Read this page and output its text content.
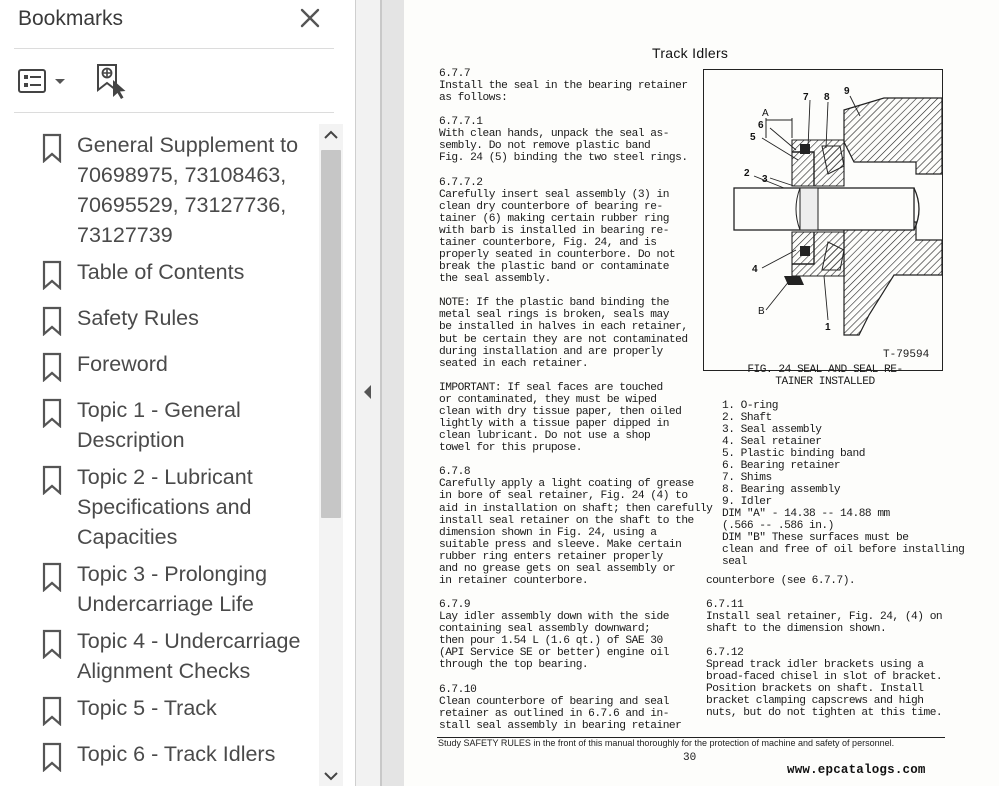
Bookmarks
General Supplement to
70698975, 73108463,
70695529, 73127736,
73127739
Table of Contents
Safety Rules
Foreword
Topic 1 - General
Description
Topic 2 - Lubricant
Specifications and
Capacities
Topic 3 - Prolonging
Undercarriage Life
Topic 4 - Undercarriage
Alignment Checks
Topic 5 - Track
Topic 6 - Track Idlers
Track Idlers
6.7.7
Install the seal in the bearing retainer
as follows:
6.7.7.1
With clean hands, unpack the seal as-
sembly. Do not remove plastic band
Fig. 24 (5) binding the two steel rings.
6.7.7.2
Carefully insert seal assembly (3) in
clean dry counterbore of bearing re-
tainer (6) making certain rubber ring
with barb is installed in bearing re-
tainer counterbore, Fig. 24, and is
properly seated in counterbore. Do not
break the plastic band or contaminate
the seal assembly.
NOTE: If the plastic band binding the
metal seal rings is broken, seals may
be installed in halves in each retainer,
but be certain they are not contaminated
during installation and are properly
seated in each retainer.
IMPORTANT: If seal faces are touched
or contaminated, they must be wiped
clean with dry tissue paper, then oiled
lightly with a tissue paper dipped in
clean lubricant. Do not use a shop
towel for this prupose.
6.7.8
Carefully apply a light coating of grease
in bore of seal retainer, Fig. 24 (4) to
aid in installation on shaft; then carefully
install seal retainer on the shaft to the
dimension shown in Fig. 24, using a
suitable press and sleeve. Make certain
rubber ring enters retainer properly
and no grease gets on seal assembly or
in retainer counterbore.
6.7.9
Lay idler assembly down with the side
containing seal assembly downward;
then pour 1.54 L (1.6 qt.) of SAE 30
(API Service SE or better) engine oil
through the top bearing.
6.7.10
Clean counterbore of bearing and seal
retainer as outlined in 6.7.6 and in-
stall seal assembly in bearing retainer
A
7 8
9
6
5
2
3
4
B
1
T-79594
FIG. 24 SEAL AND SEAL RE-
TAINER INSTALLED
1. O-ring
2. Shaft
3. Seal assembly
4. Seal retainer
5. Plastic binding band
6. Bearing retainer
7. Shims
8. Bearing assembly
9. Idler
DIM "A" - 14.38 -- 14.88 mm
(.566 -- .586 in.)
DIM "B" These surfaces must be
clean and free of oil before installing
seal
counterbore (see 6.7.7).
6.7.11
Install seal retainer, Fig. 24, (4) on
shaft to the dimension shown.
6.7.12
Spread track idler brackets using a
broad-faced chisel in slot of bracket.
Position brackets on shaft. Install
bracket clamping capscrews and high
nuts, but do not tighten at this time.
Study SAFETY RULES in the front of this manual thoroughly for the protection of machine and safety of personnel.
30
www.epcatalogs.com
